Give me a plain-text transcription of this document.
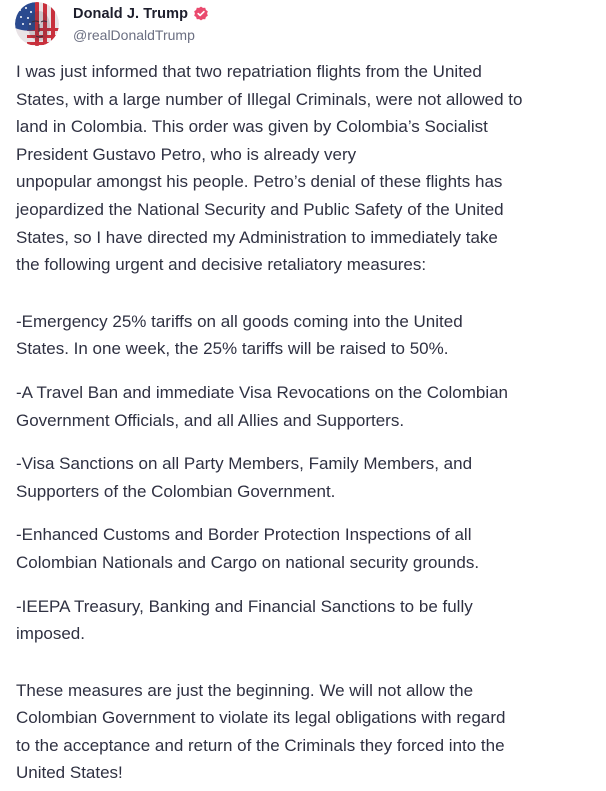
Donald J. Trump
@realDonaldTrump

I was just informed that two repatriation flights from the United
States, with a large number of Illegal Criminals, were not allowed to
land in Colombia. This order was given by Colombia’s Socialist
President Gustavo Petro, who is already very
unpopular amongst his people. Petro’s denial of these flights has
jeopardized the National Security and Public Safety of the United
States, so I have directed my Administration to immediately take
the following urgent and decisive retaliatory measures:

-Emergency 25% tariffs on all goods coming into the United
States. In one week, the 25% tariffs will be raised to 50%.

-A Travel Ban and immediate Visa Revocations on the Colombian
Government Officials, and all Allies and Supporters.

-Visa Sanctions on all Party Members, Family Members, and
Supporters of the Colombian Government.

-Enhanced Customs and Border Protection Inspections of all
Colombian Nationals and Cargo on national security grounds.

-IEEPA Treasury, Banking and Financial Sanctions to be fully
imposed.

These measures are just the beginning. We will not allow the
Colombian Government to violate its legal obligations with regard
to the acceptance and return of the Criminals they forced into the
United States!
